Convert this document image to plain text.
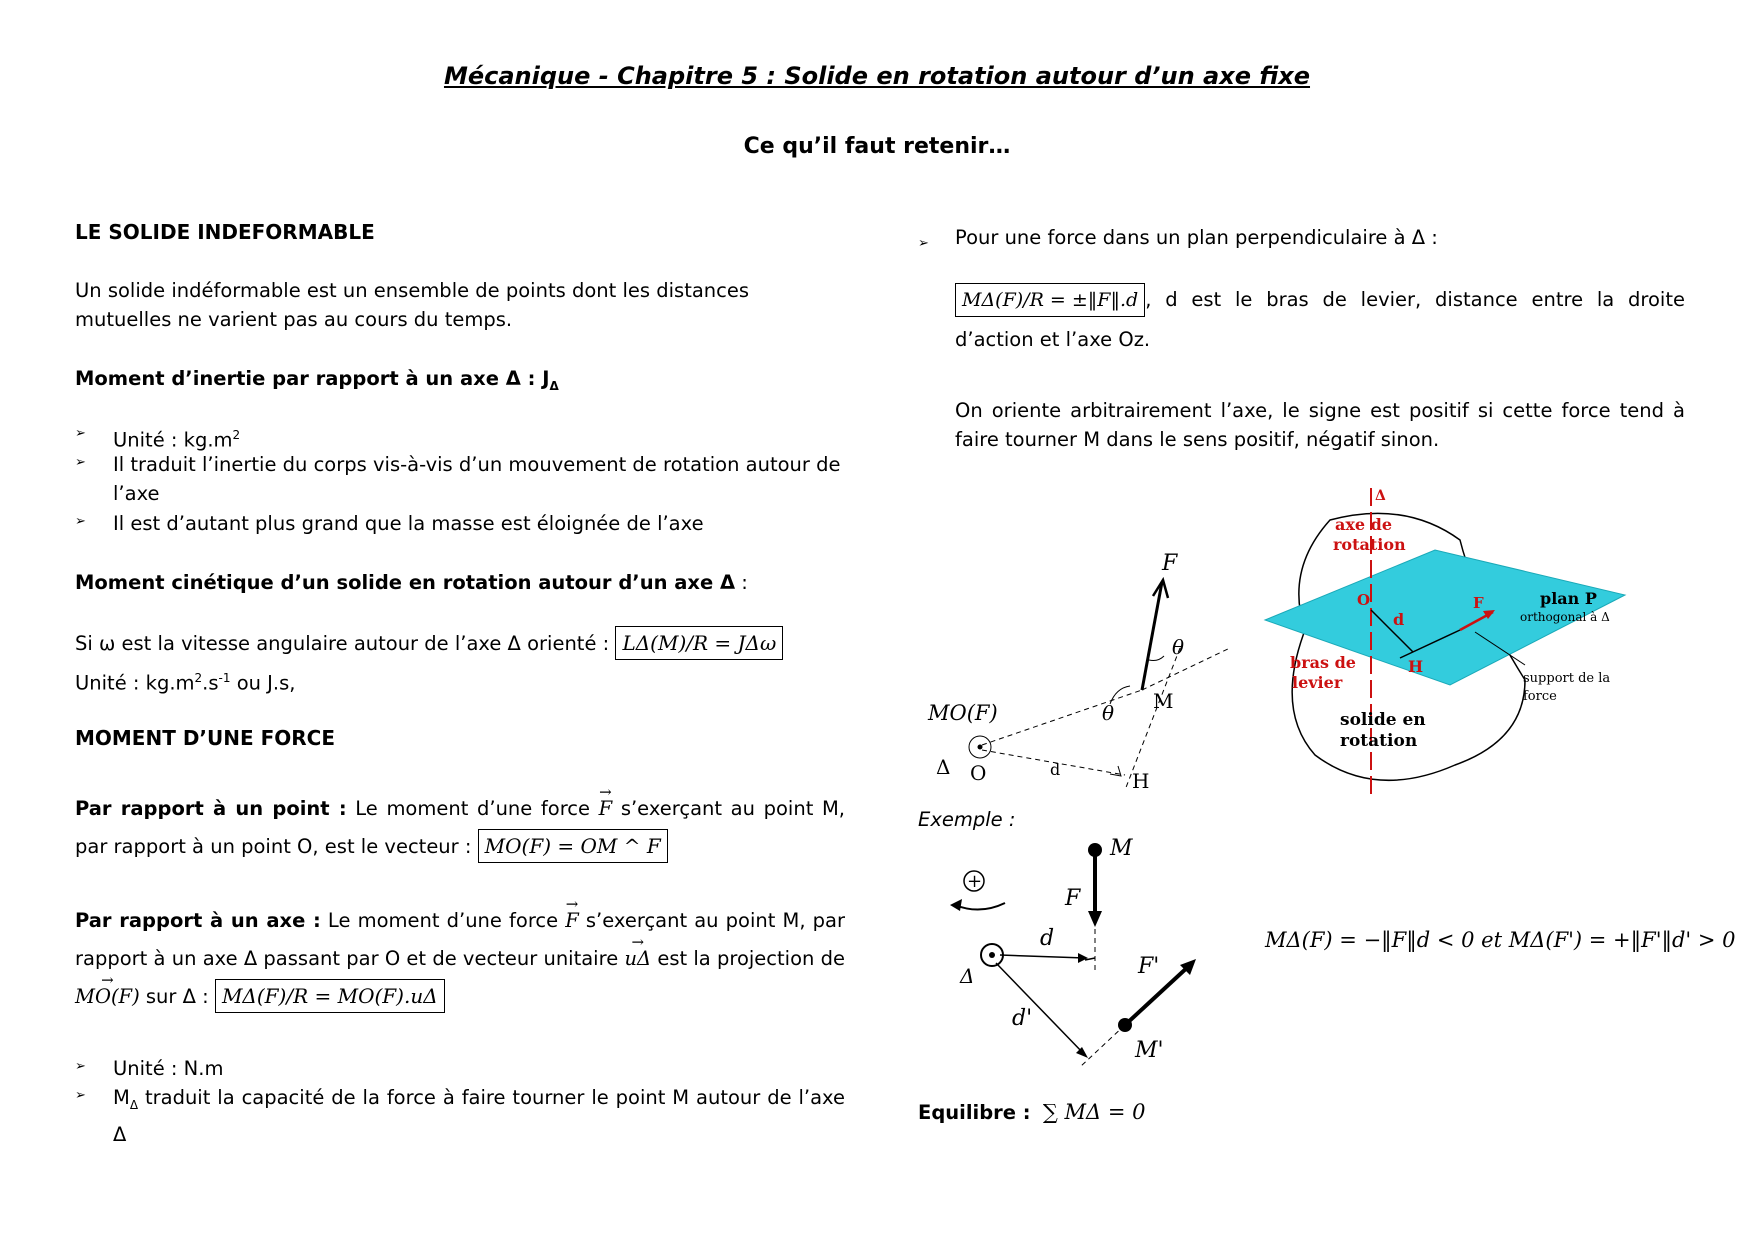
Mécanique - Chapitre 5 : Solide en rotation autour d’un axe fixe
Ce qu’il faut retenir…
LE SOLIDE INDEFORMABLE
Un solide indéformable est un ensemble de points dont les distances mutuelles ne varient pas au cours du temps.
Moment d’inertie par rapport à un axe Δ : $J_\Delta$
➢ Unité : $kg.m^2$
➢ Il traduit l’inertie du corps vis-à-vis d’un mouvement de rotation autour de l’axe
➢ Il est d’autant plus grand que la masse est éloignée de l’axe
Moment cinétique d’un solide en rotation autour d’un axe Δ :
Si ω est la vitesse angulaire autour de l’axe Δ orienté : LΔ(M)/R = JΔω
Unité : $kg.m^2.s^{-1}$ ou J.s,
MOMENT D’UNE FORCE
Par rapport à un point : Le moment d’une force → F s’exerçant au point M, par rapport à un point O, est le vecteur : MO(F) = OM ^ F
Par rapport à un axe : Le moment d’une force → F s’exerçant au point M, par rapport à un axe Δ passant par O et de vecteur unitaire → uΔ est la projection de → MO(F) sur Δ : MΔ(F)/R = MO(F).uΔ
➢ Unité : N.m
➢ $M_\Delta$ traduit la capacité de la force à faire tourner le point M autour de l’axe Δ
➢ Pour une force dans un plan perpendiculaire à Δ :
MΔ(F)/R = ±‖F‖.d , d est le bras de levier, distance entre la droite d’action et l’axe Oz.
On oriente arbitrairement l’axe, le signe est positif si cette force tend à faire tourner M dans le sens positif, négatif sinon.
F
θ
M
MO(F)	θ
O
Δ	d	H
Δ
axe de
rotation
O
d
F	plan P
orthogonal à Δ
bras de
levier
H
support de la
force
solide en
rotation
Exemple :
+
M
F
d
Δ	F'
d'
M'
MΔ(F) = −‖F‖d < 0 et MΔ(F') = +‖F'‖d' > 0
Equilibre : ∑ MΔ = 0
